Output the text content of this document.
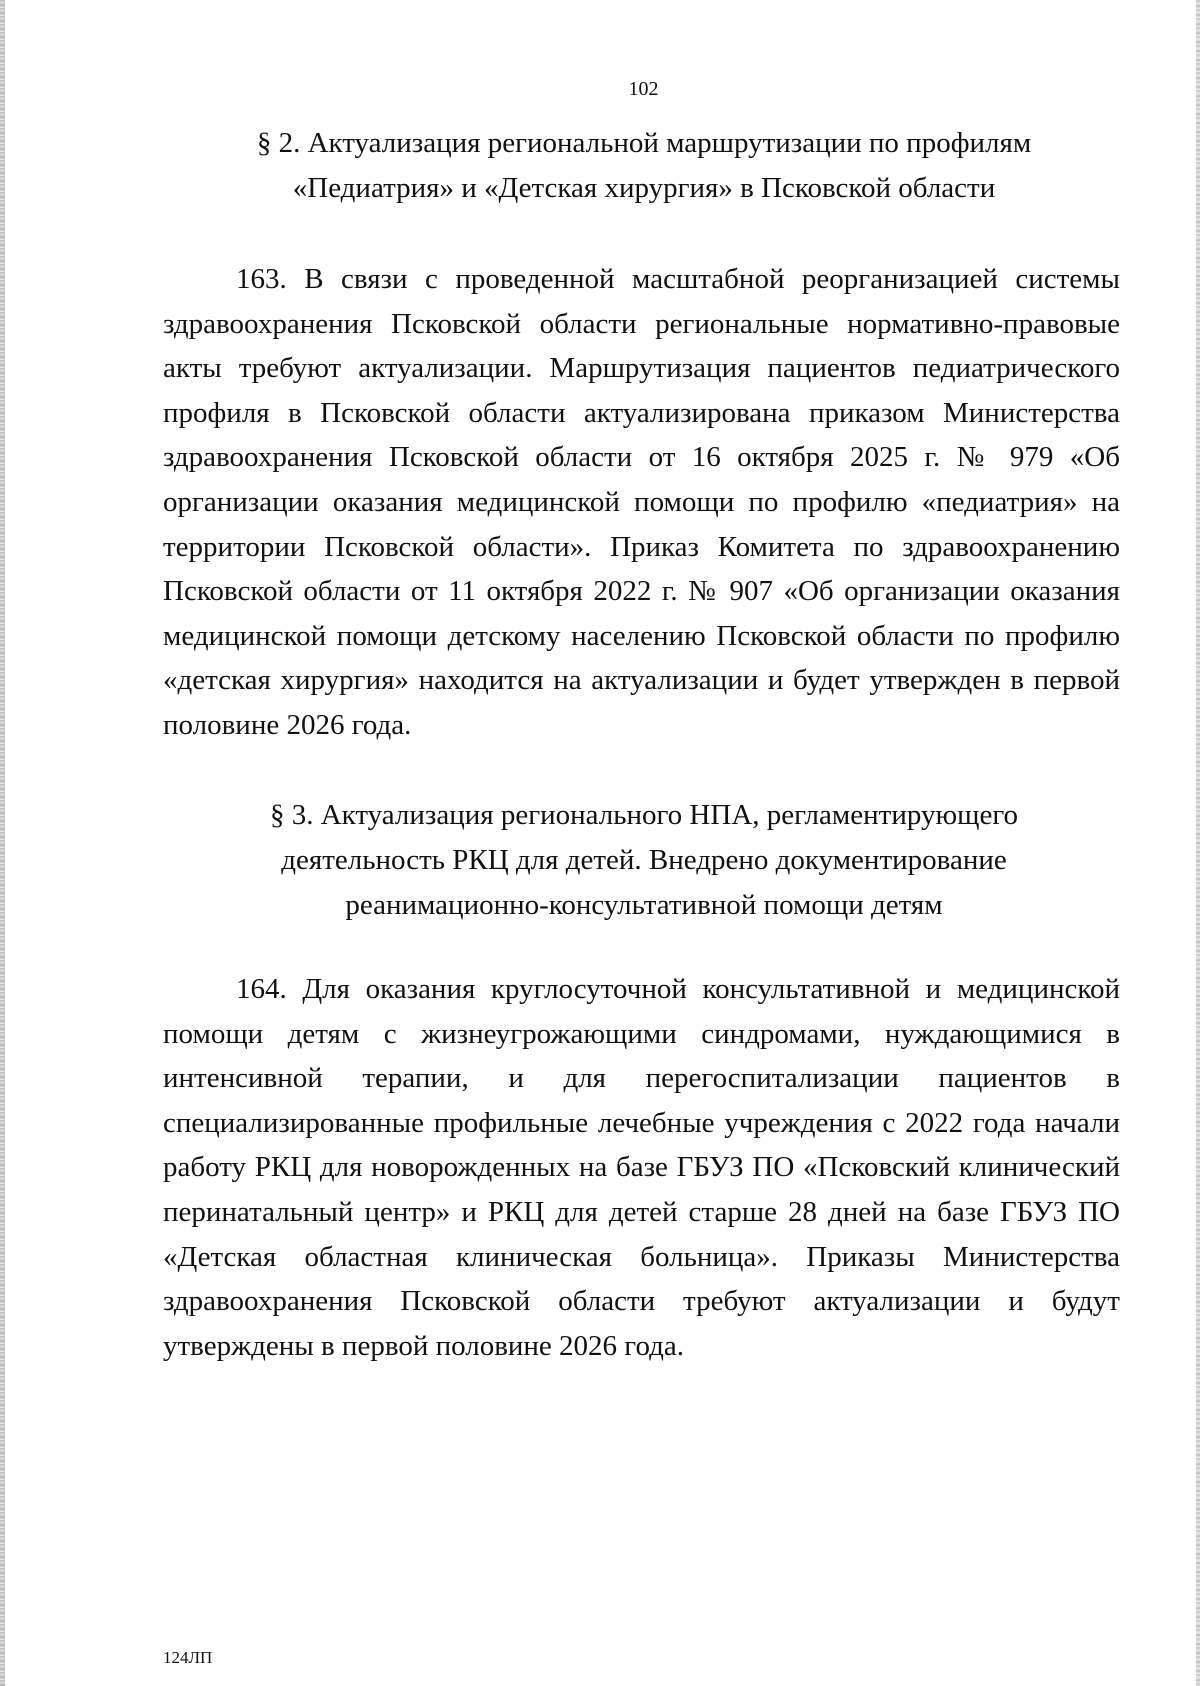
102
§ 2. Актуализация региональной маршрутизации по профилям
«Педиатрия» и «Детская хирургия» в Псковской области

163. В связи с проведенной масштабной реорганизацией системы здравоохранения Псковской области региональные нормативно-правовые акты требуют актуализации. Маршрутизация пациентов педиатрического профиля в Псковской области актуализирована приказом Министерства здравоохранения Псковской области от 16 октября 2025 г. № 979 «Об организации оказания медицинской помощи по профилю «педиатрия» на территории Псковской области». Приказ Комитета по здравоохранению Псковской области от 11 октября 2022 г. № 907 «Об организации оказания медицинской помощи детскому населению Псковской области по профилю «детская хирургия» находится на актуализации и будет утвержден в первой половине 2026 года.

§ 3. Актуализация регионального НПА, регламентирующего
деятельность РКЦ для детей. Внедрено документирование
реанимационно-консультативной помощи детям

164. Для оказания круглосуточной консультативной и медицинской помощи детям с жизнеугрожающими синдромами, нуждающимися в интенсивной терапии, и для перегоспитализации пациентов в специализированные профильные лечебные учреждения с 2022 года начали работу РКЦ для новорожденных на базе ГБУЗ ПО «Псковский клинический перинатальный центр» и РКЦ для детей старше 28 дней на базе ГБУЗ ПО «Детская областная клиническая больница». Приказы Министерства здравоохранения Псковской области требуют актуализации и будут утверждены в первой половине 2026 года.

124ЛП
